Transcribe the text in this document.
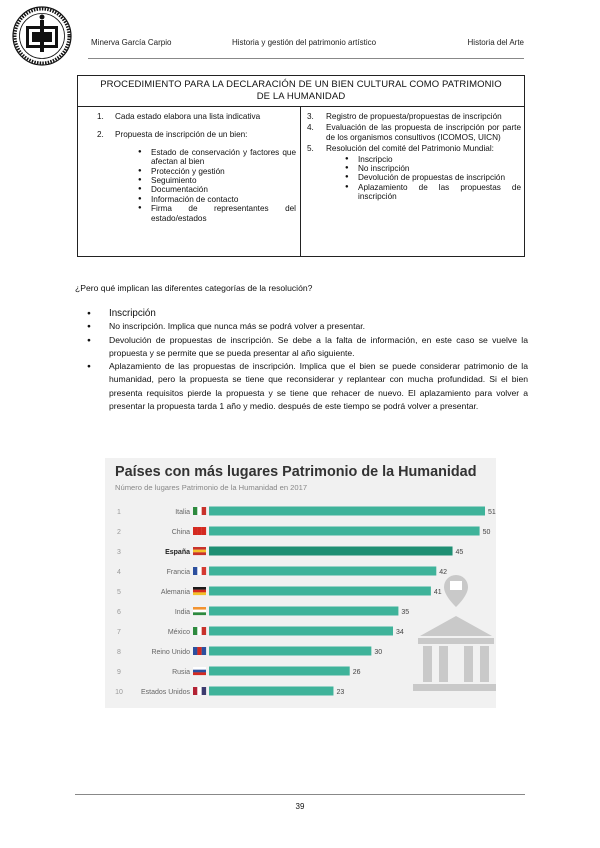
Minerva García Carpio	Historia y gestión del patrimonio artístico	Historia del Arte
PROCEDIMIENTO PARA LA DECLARACIÓN DE UN BIEN CULTURAL COMO PATRIMONIO
DE LA HUMANIDAD
1. Cada estado elabora una lista indicativa
2. Propuesta de inscripción de un bien:
● Estado de conservación y factores que afectan al bien
● Protección y gestión
● Seguimiento
● Documentación
● Información de contacto
● Firma de representantes del estado/estados
3. Registro de propuesta/propuestas de inscripción
4. Evaluación de las propuesta de inscripción por parte de los organismos consultivos (ICOMOS, UICN)
5. Resolución del comité del Patrimonio Mundial:
● Inscripcio
● No inscripción
● Devolución de propuestas de inscripción
● Aplazamiento de las propuestas de inscripción
¿Pero qué implican las diferentes categorías de la resolución?
● Inscripción
● No inscripción. Implica que nunca más se podrá volver a presentar.
● Devolución de propuestas de inscripción. Se debe a la falta de información, en este caso se vuelve la propuesta y se permite que se pueda presentar al año siguiente.
● Aplazamiento de las propuestas de inscripción. Implica que el bien se puede considerar patrimonio de la humanidad, pero la propuesta se tiene que reconsiderar y replantear con mucha profundidad. Si el bien presenta requisitos pierde la propuesta y se tiene que rehacer de nuevo. El aplazamiento para volver a presentar la propuesta tarda 1 año y medio. después de este tiempo se podrá volver a presentar.
Países con más lugares Patrimonio de la Humanidad
Número de lugares Patrimonio de la Humanidad en 2017
1	Italia	51
2	China	50
3	España	45
4	Francia	42
5	Alemania	41
6	India	35
7	México	34
8	Reino Unido	30
9	Rusia	26
10	Estados Unidos	23
39
